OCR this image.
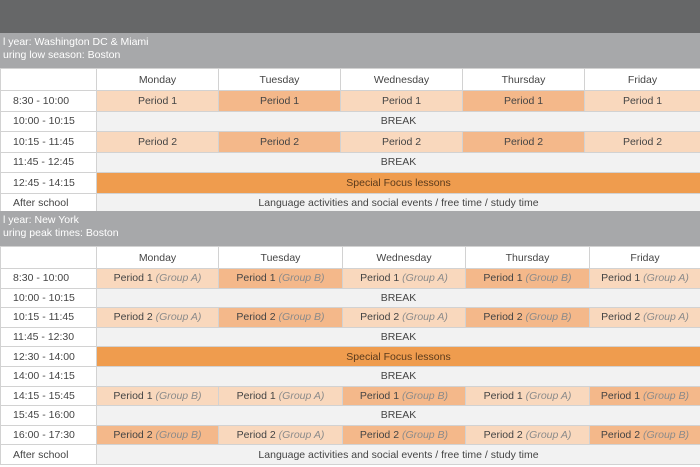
l year: Washington DC & Miami
uring low season: Boston
	Monday	Tuesday	Wednesday	Thursday	Friday
8:30 - 10:00	Period 1	Period 1	Period 1	Period 1	Period 1
10:00 - 10:15	BREAK				
10:15 - 11:45	Period 2	Period 2	Period 2	Period 2	Period 2
11:45 - 12:45	BREAK				
12:45 - 14:15	Special Focus lessons				
After school	Language activities and social events / free time / study time				
l year: New York
uring peak times: Boston
	Monday	Tuesday	Wednesday	Thursday	Friday
8:30 - 10:00	Period 1 (Group A)	Period 1 (Group B)	Period 1 (Group A)	Period 1 (Group B)	Period 1 (Group A)
10:00 - 10:15	BREAK				
10:15 - 11:45	Period 2 (Group A)	Period 2 (Group B)	Period 2 (Group A)	Period 2 (Group B)	Period 2 (Group A)
11:45 - 12:30	BREAK				
12:30 - 14:00	Special Focus lessons				
14:00 - 14:15	BREAK				
14:15 - 15:45	Period 1 (Group B)	Period 1 (Group A)	Period 1 (Group B)	Period 1 (Group A)	Period 1 (Group B)
15:45 - 16:00	BREAK				
16:00 - 17:30	Period 2 (Group B)	Period 2 (Group A)	Period 2 (Group B)	Period 2 (Group A)	Period 2 (Group B)
After school	Language activities and social events / free time / study time				
